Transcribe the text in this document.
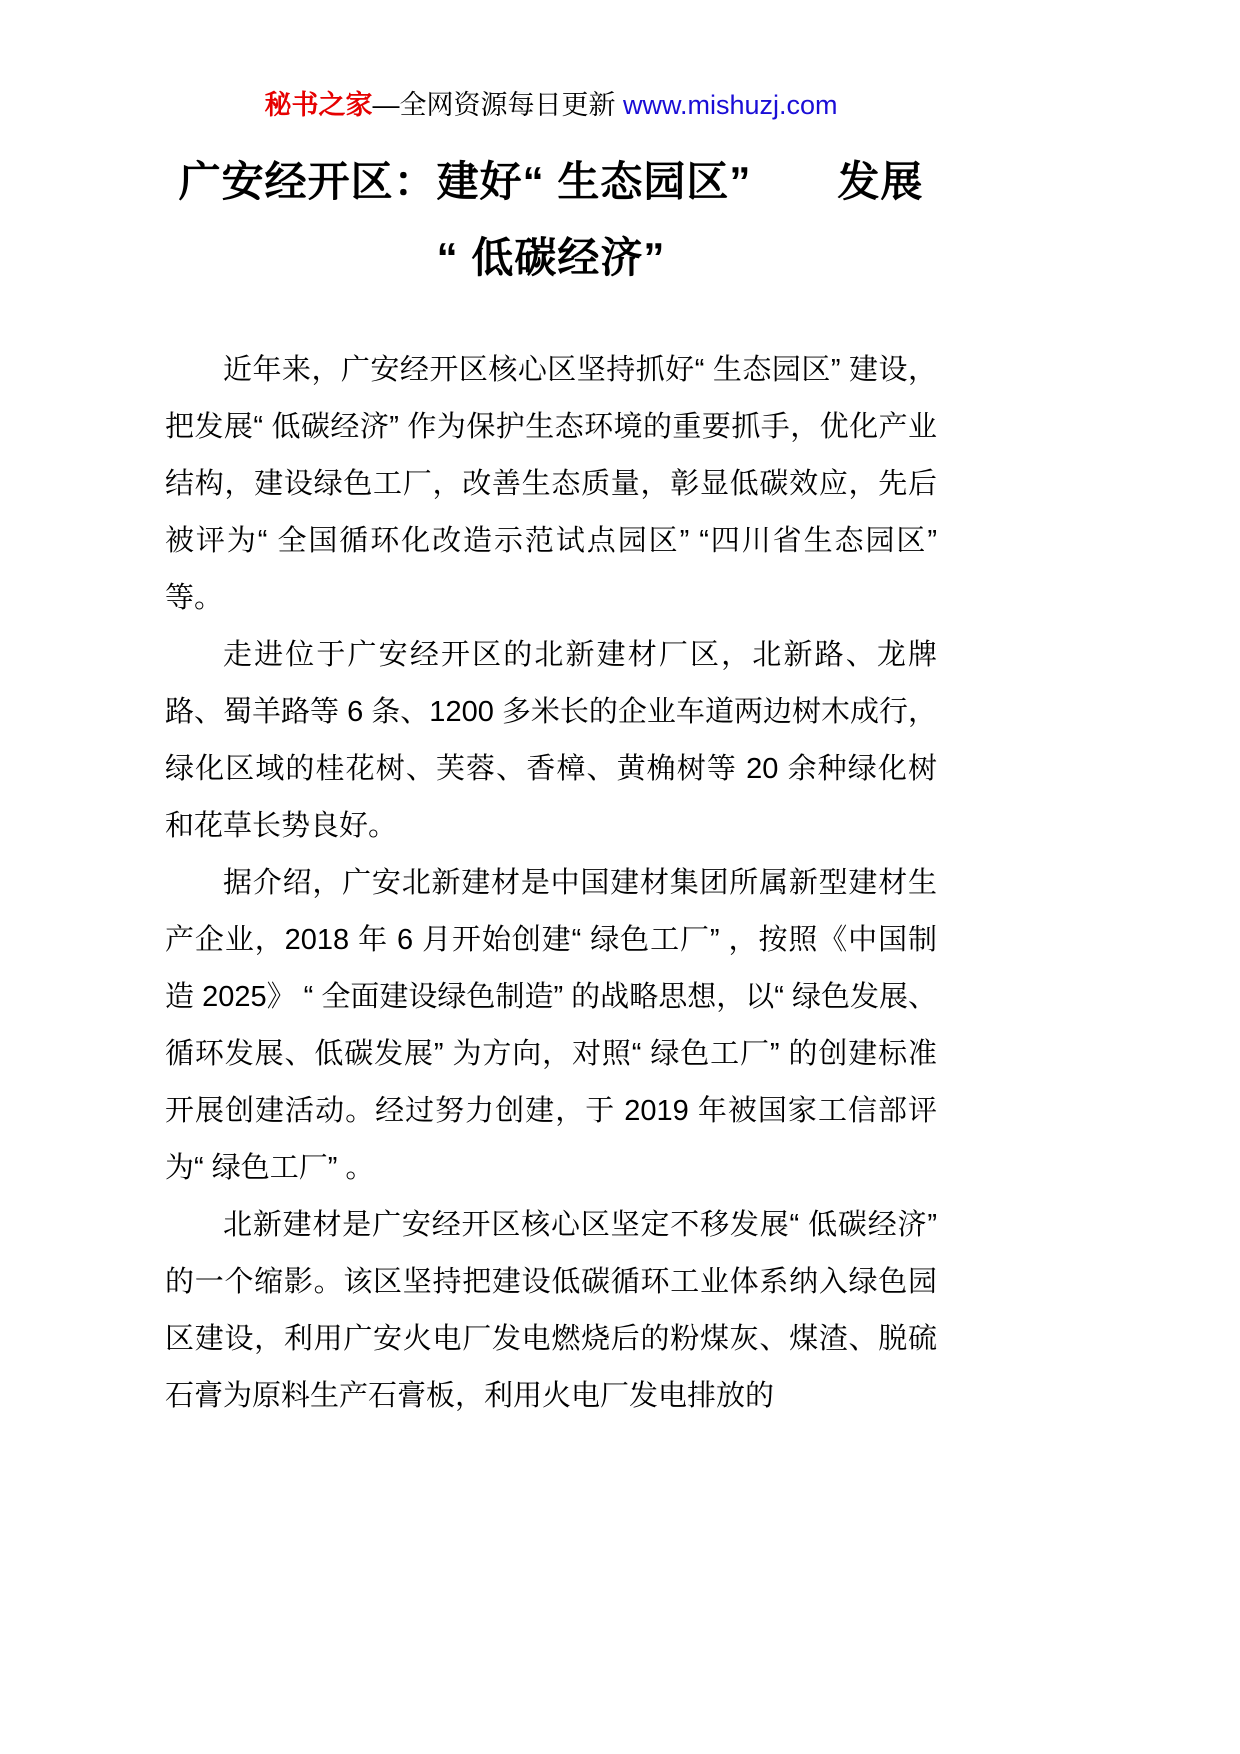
秘书之家—全网资源每日更新 www.mishuzj.com
广安经开区：建好“ 生态园区”　　发展
“ 低碳经济”

近年来，广安经开区核心区坚持抓好“ 生态园区” 建设，把发展“ 低碳经济” 作为保护生态环境的重要抓手，优化产业结构，建设绿色工厂，改善生态质量，彰显低碳效应，先后被评为“ 全国循环化改造示范试点园区” “四川省生态园区” 等。

走进位于广安经开区的北新建材厂区，北新路、龙牌路、蜀羊路等 6 条、1200 多米长的企业车道两边树木成行，绿化区域的桂花树、芙蓉、香樟、黄桷树等 20 余种绿化树和花草长势良好。

据介绍，广安北新建材是中国建材集团所属新型建材生产企业，2018 年 6 月开始创建“ 绿色工厂” ，按照《中国制造 2025》 “ 全面建设绿色制造” 的战略思想，以“ 绿色发展、循环发展、低碳发展” 为方向，对照“ 绿色工厂” 的创建标准开展创建活动。经过努力创建，于 2019 年被国家工信部评为“ 绿色工厂” 。

北新建材是广安经开区核心区坚定不移发展“ 低碳经济” 的一个缩影。该区坚持把建设低碳循环工业体系纳入绿色园区建设，利用广安火电厂发电燃烧后的粉煤灰、煤渣、脱硫石膏为原料生产石膏板，利用火电厂发电排放的
